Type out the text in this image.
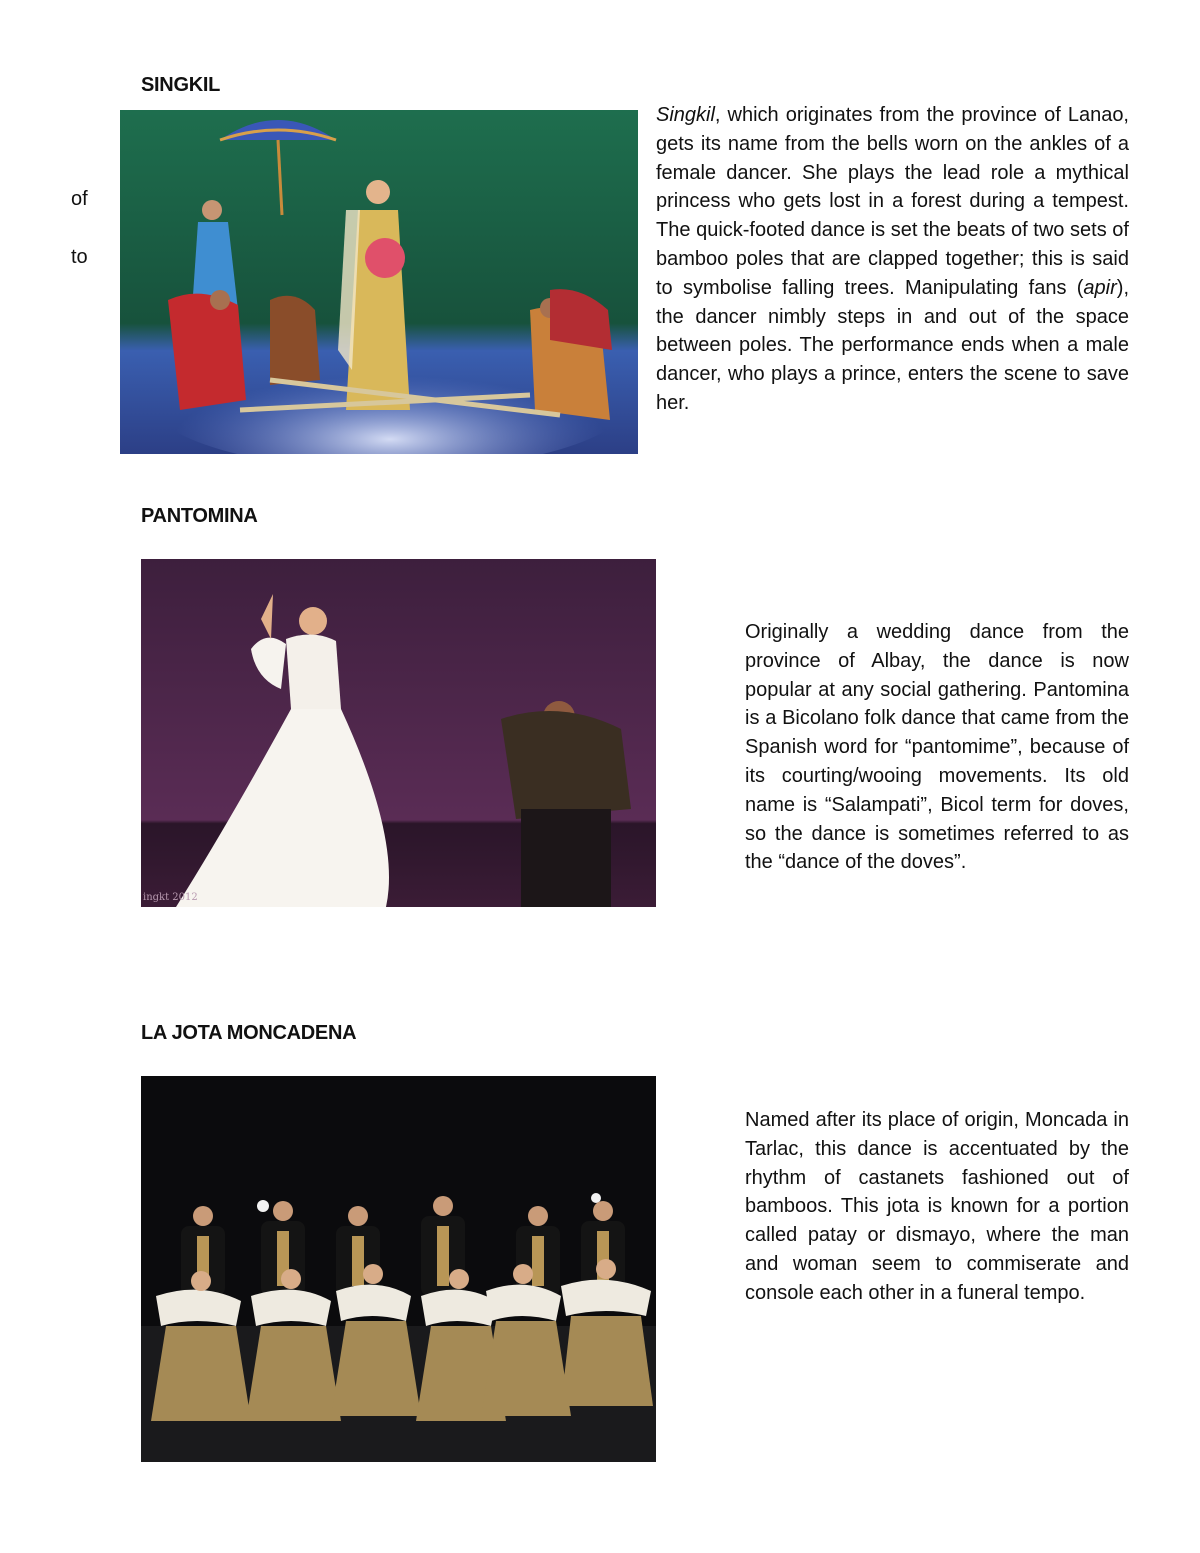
of
to
SINGKIL

Singkil, which originates from the province of Lanao, gets its name from the bells worn on the ankles of a female dancer. She plays the lead role a mythical princess who gets lost in a forest during a tempest. The quick-footed dance is set the beats of two sets of bamboo poles that are clapped together; this is said to symbolise falling trees. Manipulating fans (apir), the dancer nimbly steps in and out of the space between poles. The performance ends when a male dancer, who plays a prince, enters the scene to save her.

PANTOMINA
ingkt 2012

Originally a wedding dance from the province of Albay, the dance is now popular at any social gathering. Pantomina is a Bicolano folk dance that came from the Spanish word for “pantomime”, because of its courting/wooing movements. Its old name is “Salampati”, Bicol term for doves, so the dance is sometimes referred to as the “dance of the doves”.

LA JOTA MONCADENA

Named after its place of origin, Moncada in Tarlac, this dance is accentuated by the rhythm of castanets fashioned out of bamboos. This jota is known for a portion called patay or dismayo, where the man and woman seem to commiserate and console each other in a funeral tempo.
